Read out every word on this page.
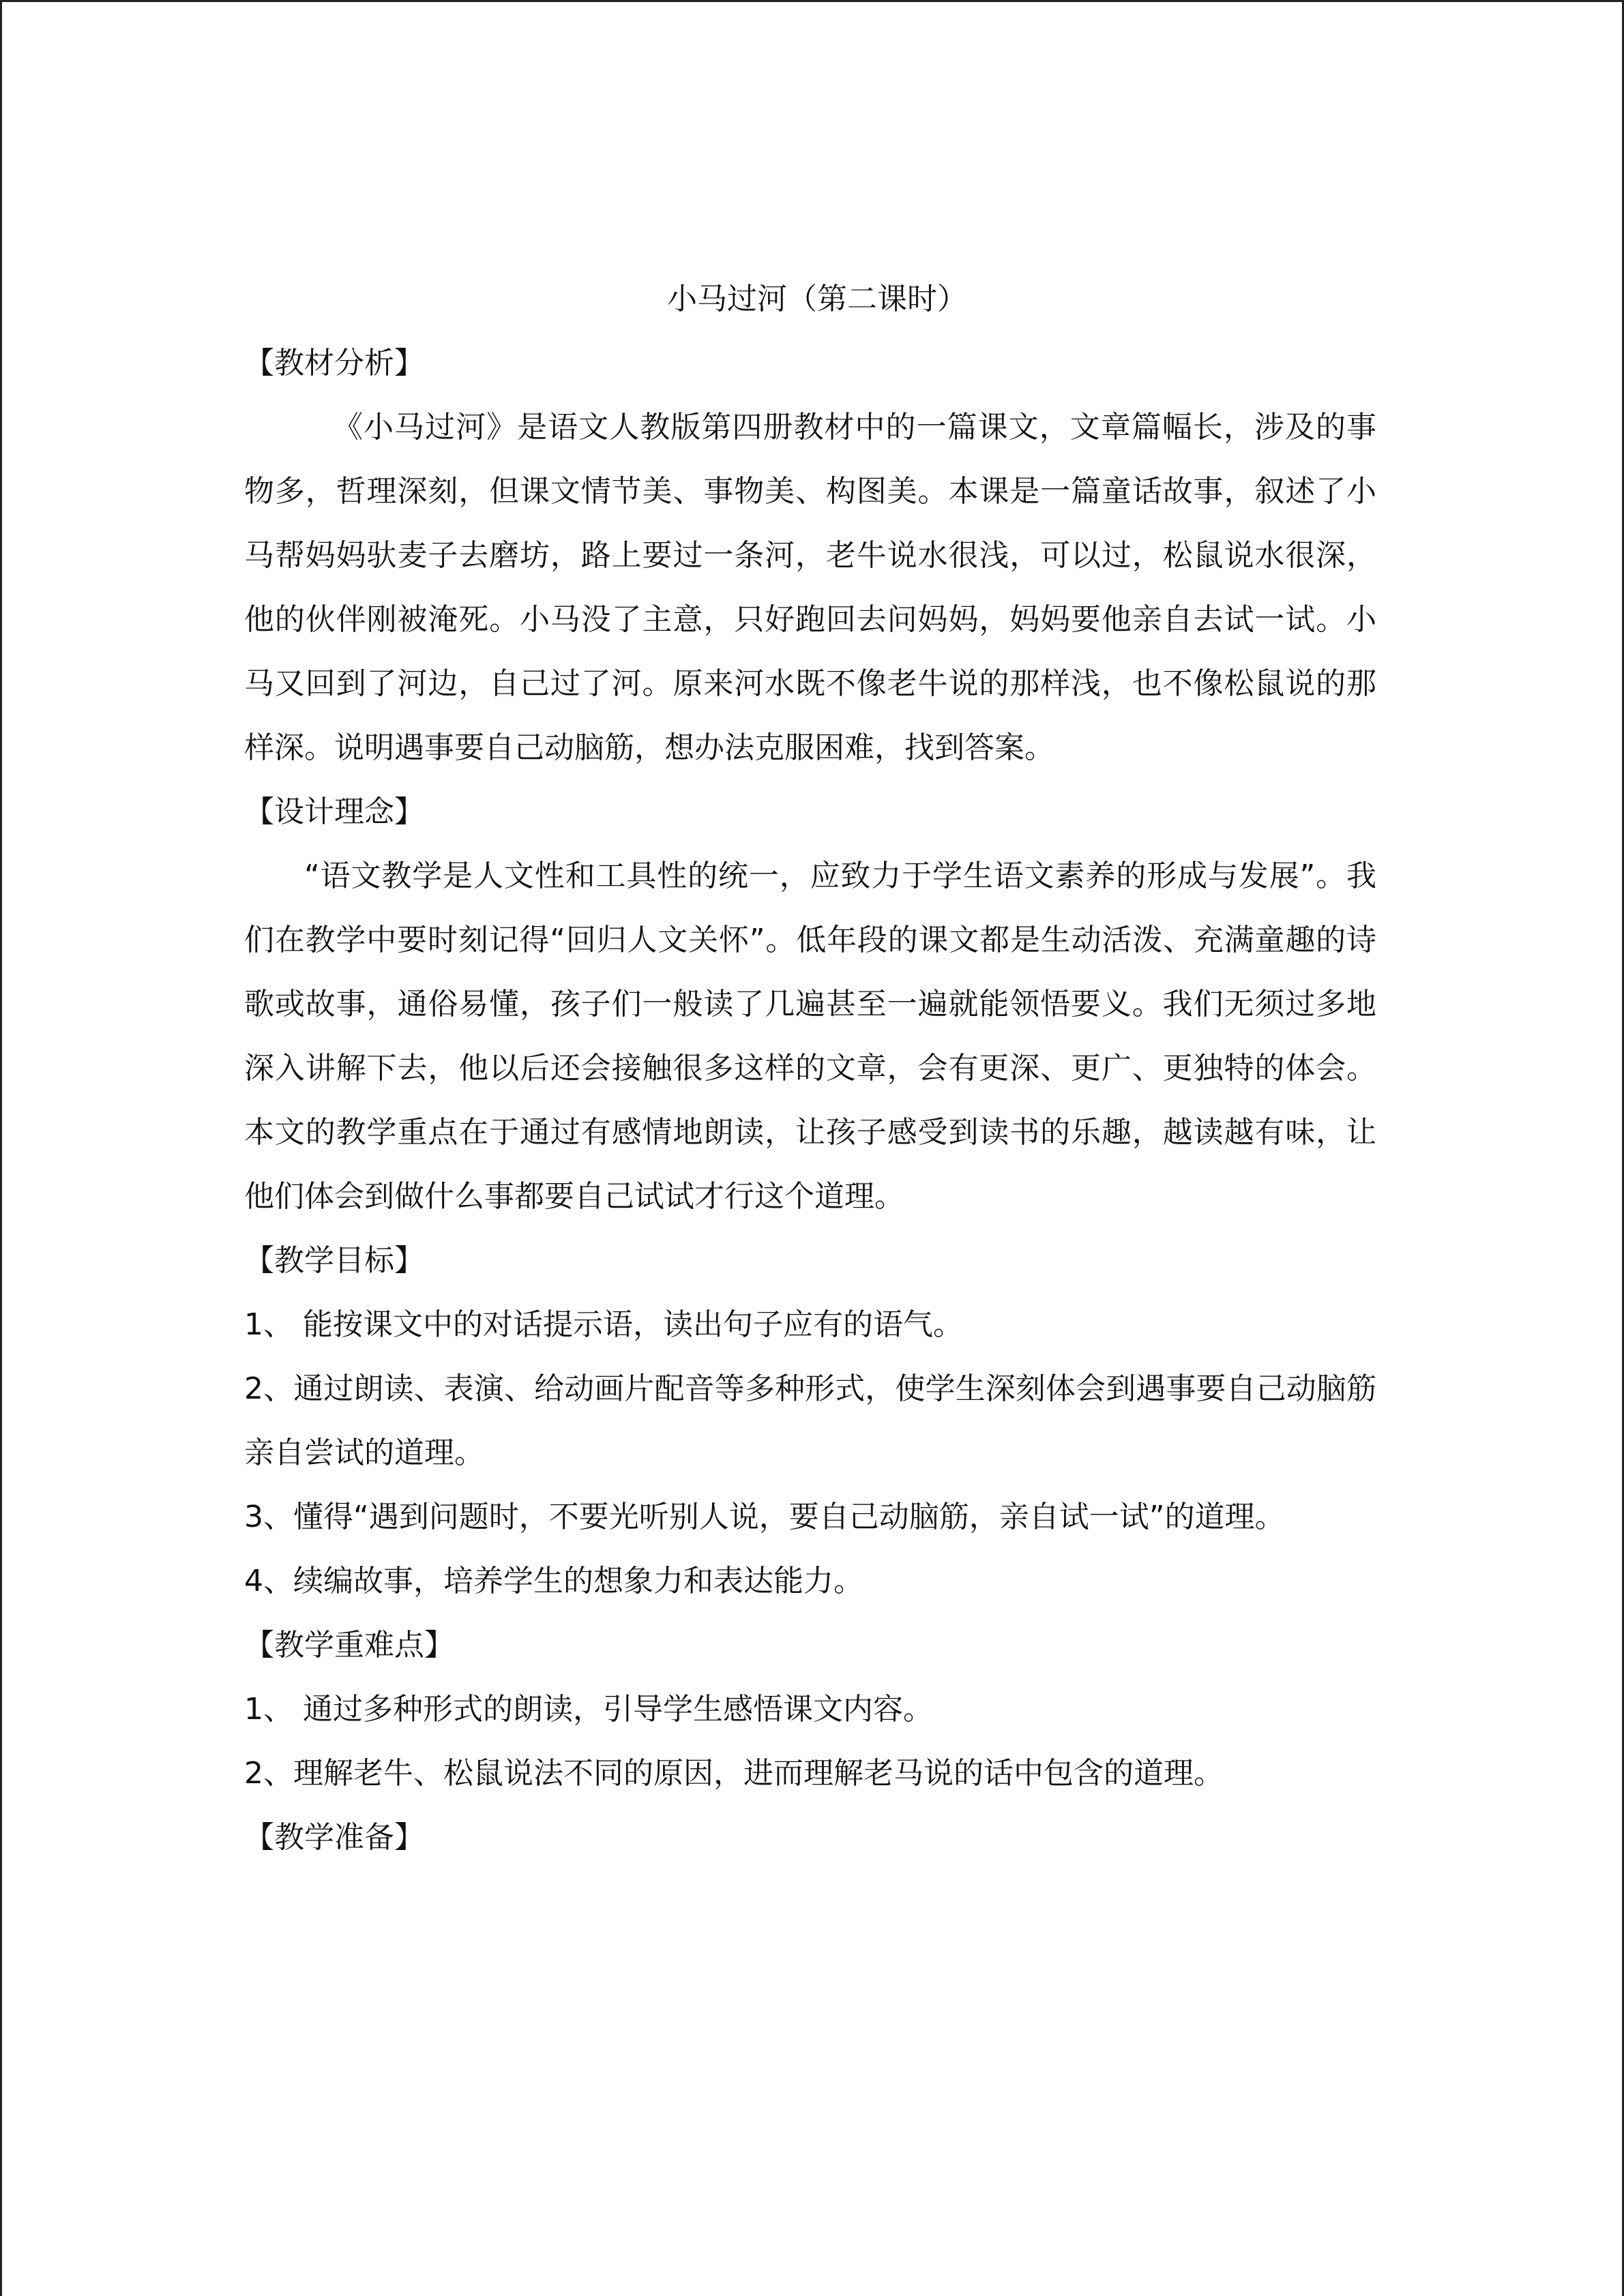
小马过河（第二课时）
【教材分析】

《小马过河》是语文人教版第四册教材中的一篇课文，文章篇幅长，涉及的事物多，哲理深刻，但课文情节美、事物美、构图美。本课是一篇童话故事，叙述了小马帮妈妈驮麦子去磨坊，路上要过一条河，老牛说水很浅，可以过，松鼠说水很深，他的伙伴刚被淹死。小马没了主意，只好跑回去问妈妈，妈妈要他亲自去试一试。小马又回到了河边，自己过了河。原来河水既不像老牛说的那样浅，也不像松鼠说的那样深。说明遇事要自己动脑筋，想办法克服困难，找到答案。

【设计理念】

“语文教学是人文性和工具性的统一，应致力于学生语文素养的形成与发展”。我们在教学中要时刻记得“回归人文关怀”。低年段的课文都是生动活泼、充满童趣的诗歌或故事，通俗易懂，孩子们一般读了几遍甚至一遍就能领悟要义。我们无须过多地深入讲解下去，他以后还会接触很多这样的文章，会有更深、更广、更独特的体会。本文的教学重点在于通过有感情地朗读，让孩子感受到读书的乐趣，越读越有味，让他们体会到做什么事都要自己试试才行这个道理。

【教学目标】

1、 能按课文中的对话提示语，读出句子应有的语气。

2、通过朗读、表演、给动画片配音等多种形式，使学生深刻体会到遇事要自己动脑筋亲自尝试的道理。

3、懂得“遇到问题时，不要光听别人说，要自己动脑筋，亲自试一试”的道理。

4、续编故事，培养学生的想象力和表达能力。

【教学重难点】

1、 通过多种形式的朗读，引导学生感悟课文内容。

2、理解老牛、松鼠说法不同的原因，进而理解老马说的话中包含的道理。

【教学准备】
